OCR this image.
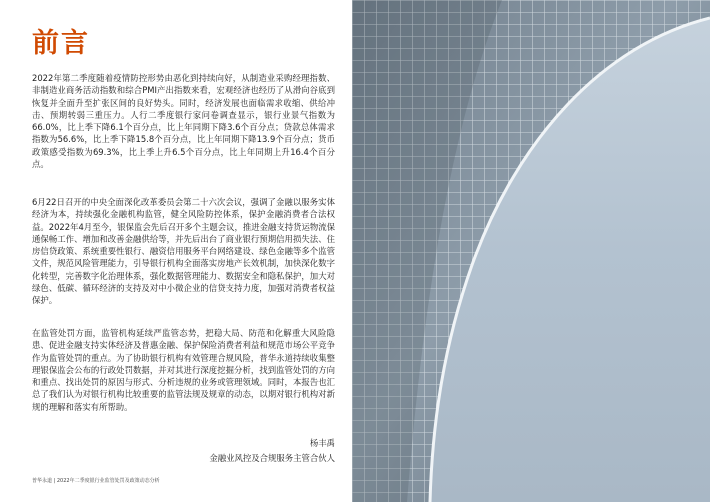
前言
2022年第二季度随着疫情防控形势由恶化到持续向好，从制造业采购经理指数、非制造业商务活动指数和综合PMI产出指数来看，宏观经济也经历了从滑向谷底到恢复并全面升至扩张区间的良好势头。同时，经济发展也面临需求收缩、供给冲击、预期转弱三重压力。人行二季度银行家问卷调查显示，银行业景气指数为66.0%，比上季下降6.1个百分点，比上年同期下降3.6个百分点；贷款总体需求指数为56.6%，比上季下降15.8个百分点，比上年同期下降13.9个百分点；货币政策感受指数为69.3%，比上季上升6.5个百分点，比上年同期上升16.4个百分点。
6月22日召开的中央全面深化改革委员会第二十六次会议，强调了金融以服务实体经济为本，持续强化金融机构监管，健全风险防控体系，保护金融消费者合法权益。2022年4月至今，银保监会先后召开多个主题会议，推进金融支持货运物流保通保畅工作、增加和改善金融供给等，并先后出台了商业银行预期信用损失法、住房信贷政策、系统重要性银行、融资信用服务平台网络建设、绿色金融等多个监管文件，规范风险管理能力，引导银行机构全面落实房地产长效机制，加快深化数字化转型，完善数字化治理体系，强化数据管理能力、数据安全和隐私保护，加大对绿色、低碳、循环经济的支持及对中小微企业的信贷支持力度，加强对消费者权益保护。
在监管处罚方面，监管机构延续严监管态势，把稳大局、防范和化解重大风险隐患、促进金融支持实体经济及普惠金融、保护保险消费者利益和规范市场公平竞争作为监管处罚的重点。为了协助银行机构有效管理合规风险，普华永道持续收集整理银保监会公布的行政处罚数据，并对其进行深度挖掘分析，找到监管处罚的方向和重点、找出处罚的原因与形式、分析违规的业务或管理领域。同时，本报告也汇总了我们认为对银行机构比较重要的监管法规及规章的动态，以期对银行机构对新规的理解和落实有所帮助。
杨丰禹
金融业风控及合规服务主管合伙人
普华永道 | 2022年二季度银行业监管处罚及政策动态分析
